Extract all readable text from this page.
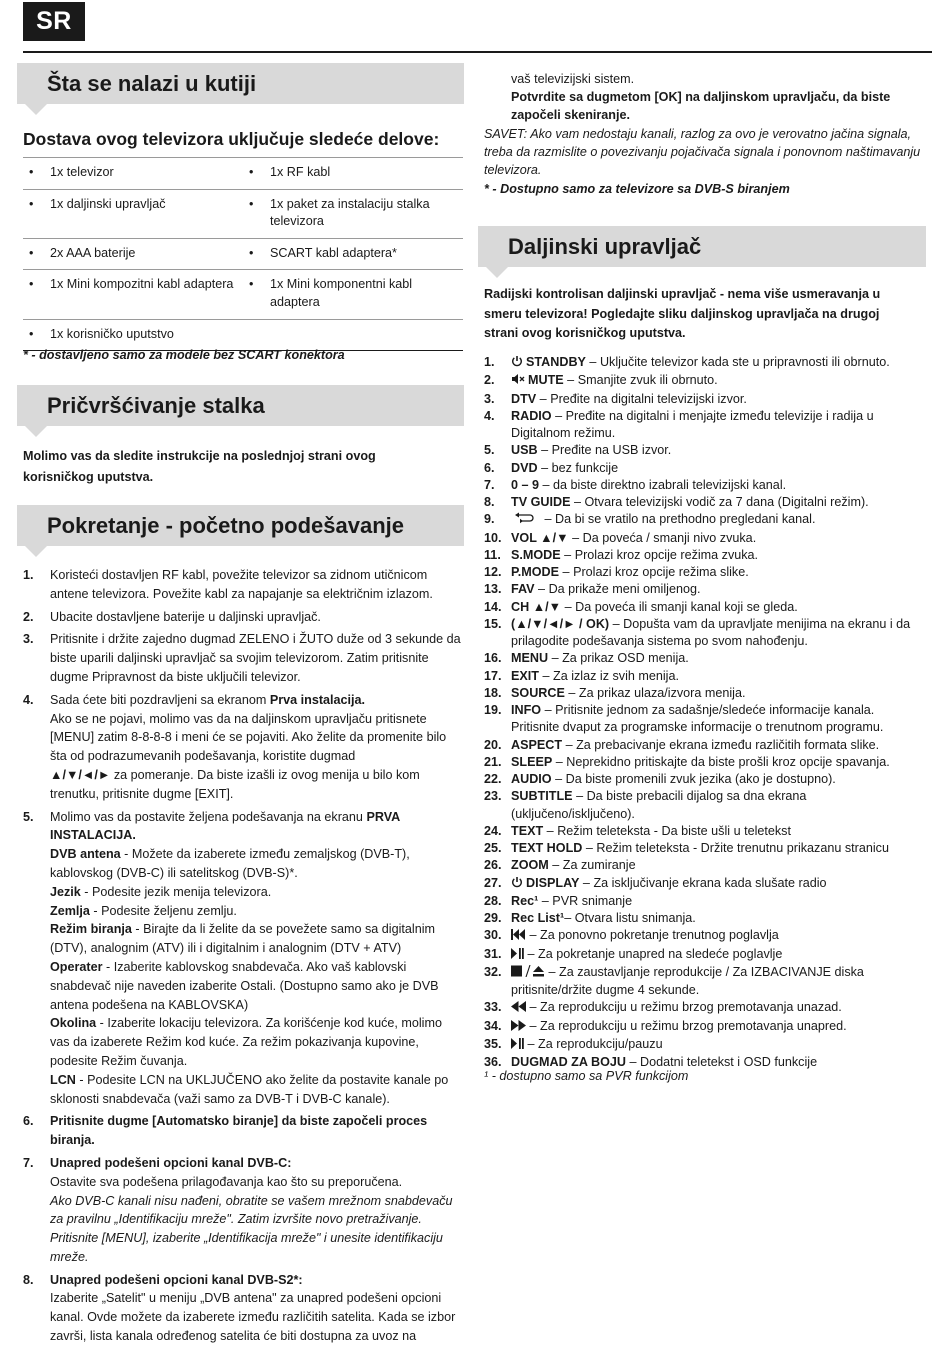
SR
Šta se nalazi u kutiji
Dostava ovog televizora uključuje sledeće delove:
• 1x televizor	• 1x RF kabl

• 1x daljinski upravljač	• 1x paket za instalaciju stalka televizora

• 2x AAA baterije	• SCART kabl adaptera*

• 1x Mini kompozitni kabl adaptera	• 1x Mini komponentni kabl adaptera

• 1x korisničko uputstvo	

* - dostavljeno samo za modele bez SCART konektora
Pričvršćivanje stalka
Molimo vas da sledite instrukcije na poslednjoj strani ovog korisničkog uputstva.
Pokretanje - početno podešavanje
1.	Koristeći dostavljen RF kabl, povežite televizor sa zidnom utičnicom antene televizora. Povežite kabl za napajanje sa električnim izlazom.
2.	Ubacite dostavljene baterije u daljinski upravljač.
3.	Pritisnite i držite zajedno dugmad ZELENO i ŽUTO duže od 3 sekunde da biste uparili daljinski upravljač sa svojim televizorom. Zatim pritisnite dugme Pripravnost da biste uključili televizor.
4.	Sada ćete biti pozdravljeni sa ekranom Prva instalacija.
Ako se ne pojavi, molimo vas da na daljinskom upravljaču pritisnete [MENU] zatim 8-8-8-8 i meni će se pojaviti. Ako želite da promenite bilo šta od podrazumevanih podešavanja, koristite dugmad
▲/▼/◄/► za pomeranje. Da biste izašli iz ovog menija u bilo kom trenutku, pritisnite dugme [EXIT].
5.	Molimo vas da postavite željena podešavanja na ekranu PRVA INSTALACIJA.
DVB antena - Možete da izaberete između zemaljskog (DVB-T), kablovskog (DVB-C) ili satelitskog (DVB-S)*.
Jezik - Podesite jezik menija televizora.
Zemlja - Podesite željenu zemlju.
Režim biranja - Birajte da li želite da se povežete samo sa digitalnim (DTV), analognim (ATV) ili i digitalnim i analognim (DTV + ATV)
Operater - Izaberite kablovskog snabdevača. Ako vaš kablovski snabdevač nije naveden izaberite Ostali. (Dostupno samo ako je DVB antena podešena na KABLOVSKA)
Okolina - Izaberite lokaciju televizora. Za korišćenje kod kuće, molimo vas da izaberete Režim kod kuće. Za režim pokazivanja kupovine, podesite Režim čuvanja.
LCN - Podesite LCN na UKLJUČENO ako želite da postavite kanale po sklonosti snabdevača (važi samo za DVB-T i DVB-C kanale).
6.	Pritisnite dugme [Automatsko biranje] da biste započeli proces biranja.
7.	Unapred podešeni opcioni kanal DVB-C:
Ostavite sva podešena prilagođavanja kao što su preporučena.
Ako DVB-C kanali nisu nađeni, obratite se vašem mrežnom snabdevaču za pravilnu „Identifikaciju mreže". Zatim izvršite novo pretraživanje. Pritisnite [MENU], izaberite „Identifikacija mreže" i unesite identifikaciju mreže.
8.	Unapred podešeni opcioni kanal DVB-S2*:
Izaberite „Satelit" u meniju „DVB antena" za unapred podešeni opcioni kanal. Ovde možete da izaberete između različitih satelita. Kada se izbor završi, lista kanala određenog satelita će biti dostupna za uvoz na
vaš televizijski sistem.
Potvrdite sa dugmetom [OK] na daljinskom upravljaču, da biste započeli skeniranje.
SAVET: Ako vam nedostaju kanali, razlog za ovo je verovatno jačina signala, treba da razmislite o povezivanju pojačivača signala i ponovnom naštimavanju televizora.
* - Dostupno samo za televizore sa DVB-S biranjem
Daljinski upravljač
Radijski kontrolisan daljinski upravljač - nema više usmeravanja u smeru televizora! Pogledajte sliku daljinskog upravljača na drugoj strani ovog korisničkog uputstva.
1.	STANDBY – Uključite televizor kada ste u pripravnosti ili obrnuto.
2.	MUTE – Smanjite zvuk ili obrnuto.
3.	DTV – Pređite na digitalni televizijski izvor.
4.	RADIO – Pređite na digitalni i menjajte između televizije i radija u Digitalnom režimu.
5.	USB – Pređite na USB izvor.
6.	DVD – bez funkcije
7.	0 – 9 – da biste direktno izabrali televizijski kanal.
8.	TV GUIDE – Otvara televizijski vodič za 7 dana (Digitalni režim).
9.	– Da bi se vratilo na prethodno pregledani kanal.
10. VOL ▲/▼ – Da poveća / smanji nivo zvuka.
11. S.MODE – Prolazi kroz opcije režima zvuka.
12. P.MODE – Prolazi kroz opcije režima slike.
13. FAV – Da prikaže meni omiljenog.
14. CH ▲/▼ – Da poveća ili smanji kanal koji se gleda.
15. (▲/▼/◄/► / OK) – Dopušta vam da upravljate menijima na ekranu i da prilagodite podešavanja sistema po svom nahođenju.
16. MENU – Za prikaz OSD menija.
17. EXIT – Za izlaz iz svih menija.
18. SOURCE – Za prikaz ulaza/izvora menija.
19. INFO – Pritisnite jednom za sadašnje/sledeće informacije kanala. Pritisnite dvaput za programske informacije o trenutnom programu.
20. ASPECT – Za prebacivanje ekrana između različitih formata slike.
21. SLEEP – Neprekidno pritiskajte da biste prošli kroz opcije spavanja.
22. AUDIO – Da biste promenili zvuk jezika (ako je dostupno).
23. SUBTITLE – Da biste prebacili dijalog sa dna ekrana (uključeno/isključeno).
24. TEXT – Režim teleteksta - Da biste ušli u teletekst
25. TEXT HOLD – Režim teleteksta - Držite trenutnu prikazanu stranicu
26. ZOOM – Za zumiranje
27.	DISPLAY – Za isključivanje ekrana kada slušate radio
28. Rec¹ – PVR snimanje
29. Rec List¹– Otvara listu snimanja.
30.	– Za ponovno pokretanje trenutnog poglavlja
31.	– Za pokretanje unapred na sledeće poglavlje
32.	– Za zaustavljanje reprodukcije / Za IZBACIVANJE diska pritisnite/držite dugme 4 sekunde.
33.	– Za reprodukciju u režimu brzog premotavanja unazad.
34.	– Za reprodukciju u režimu brzog premotavanja unapred.
35.	– Za reprodukciju/pauzu
36. DUGMAD ZA BOJU – Dodatni teletekst i OSD funkcije
¹ - dostupno samo sa PVR funkcijom
